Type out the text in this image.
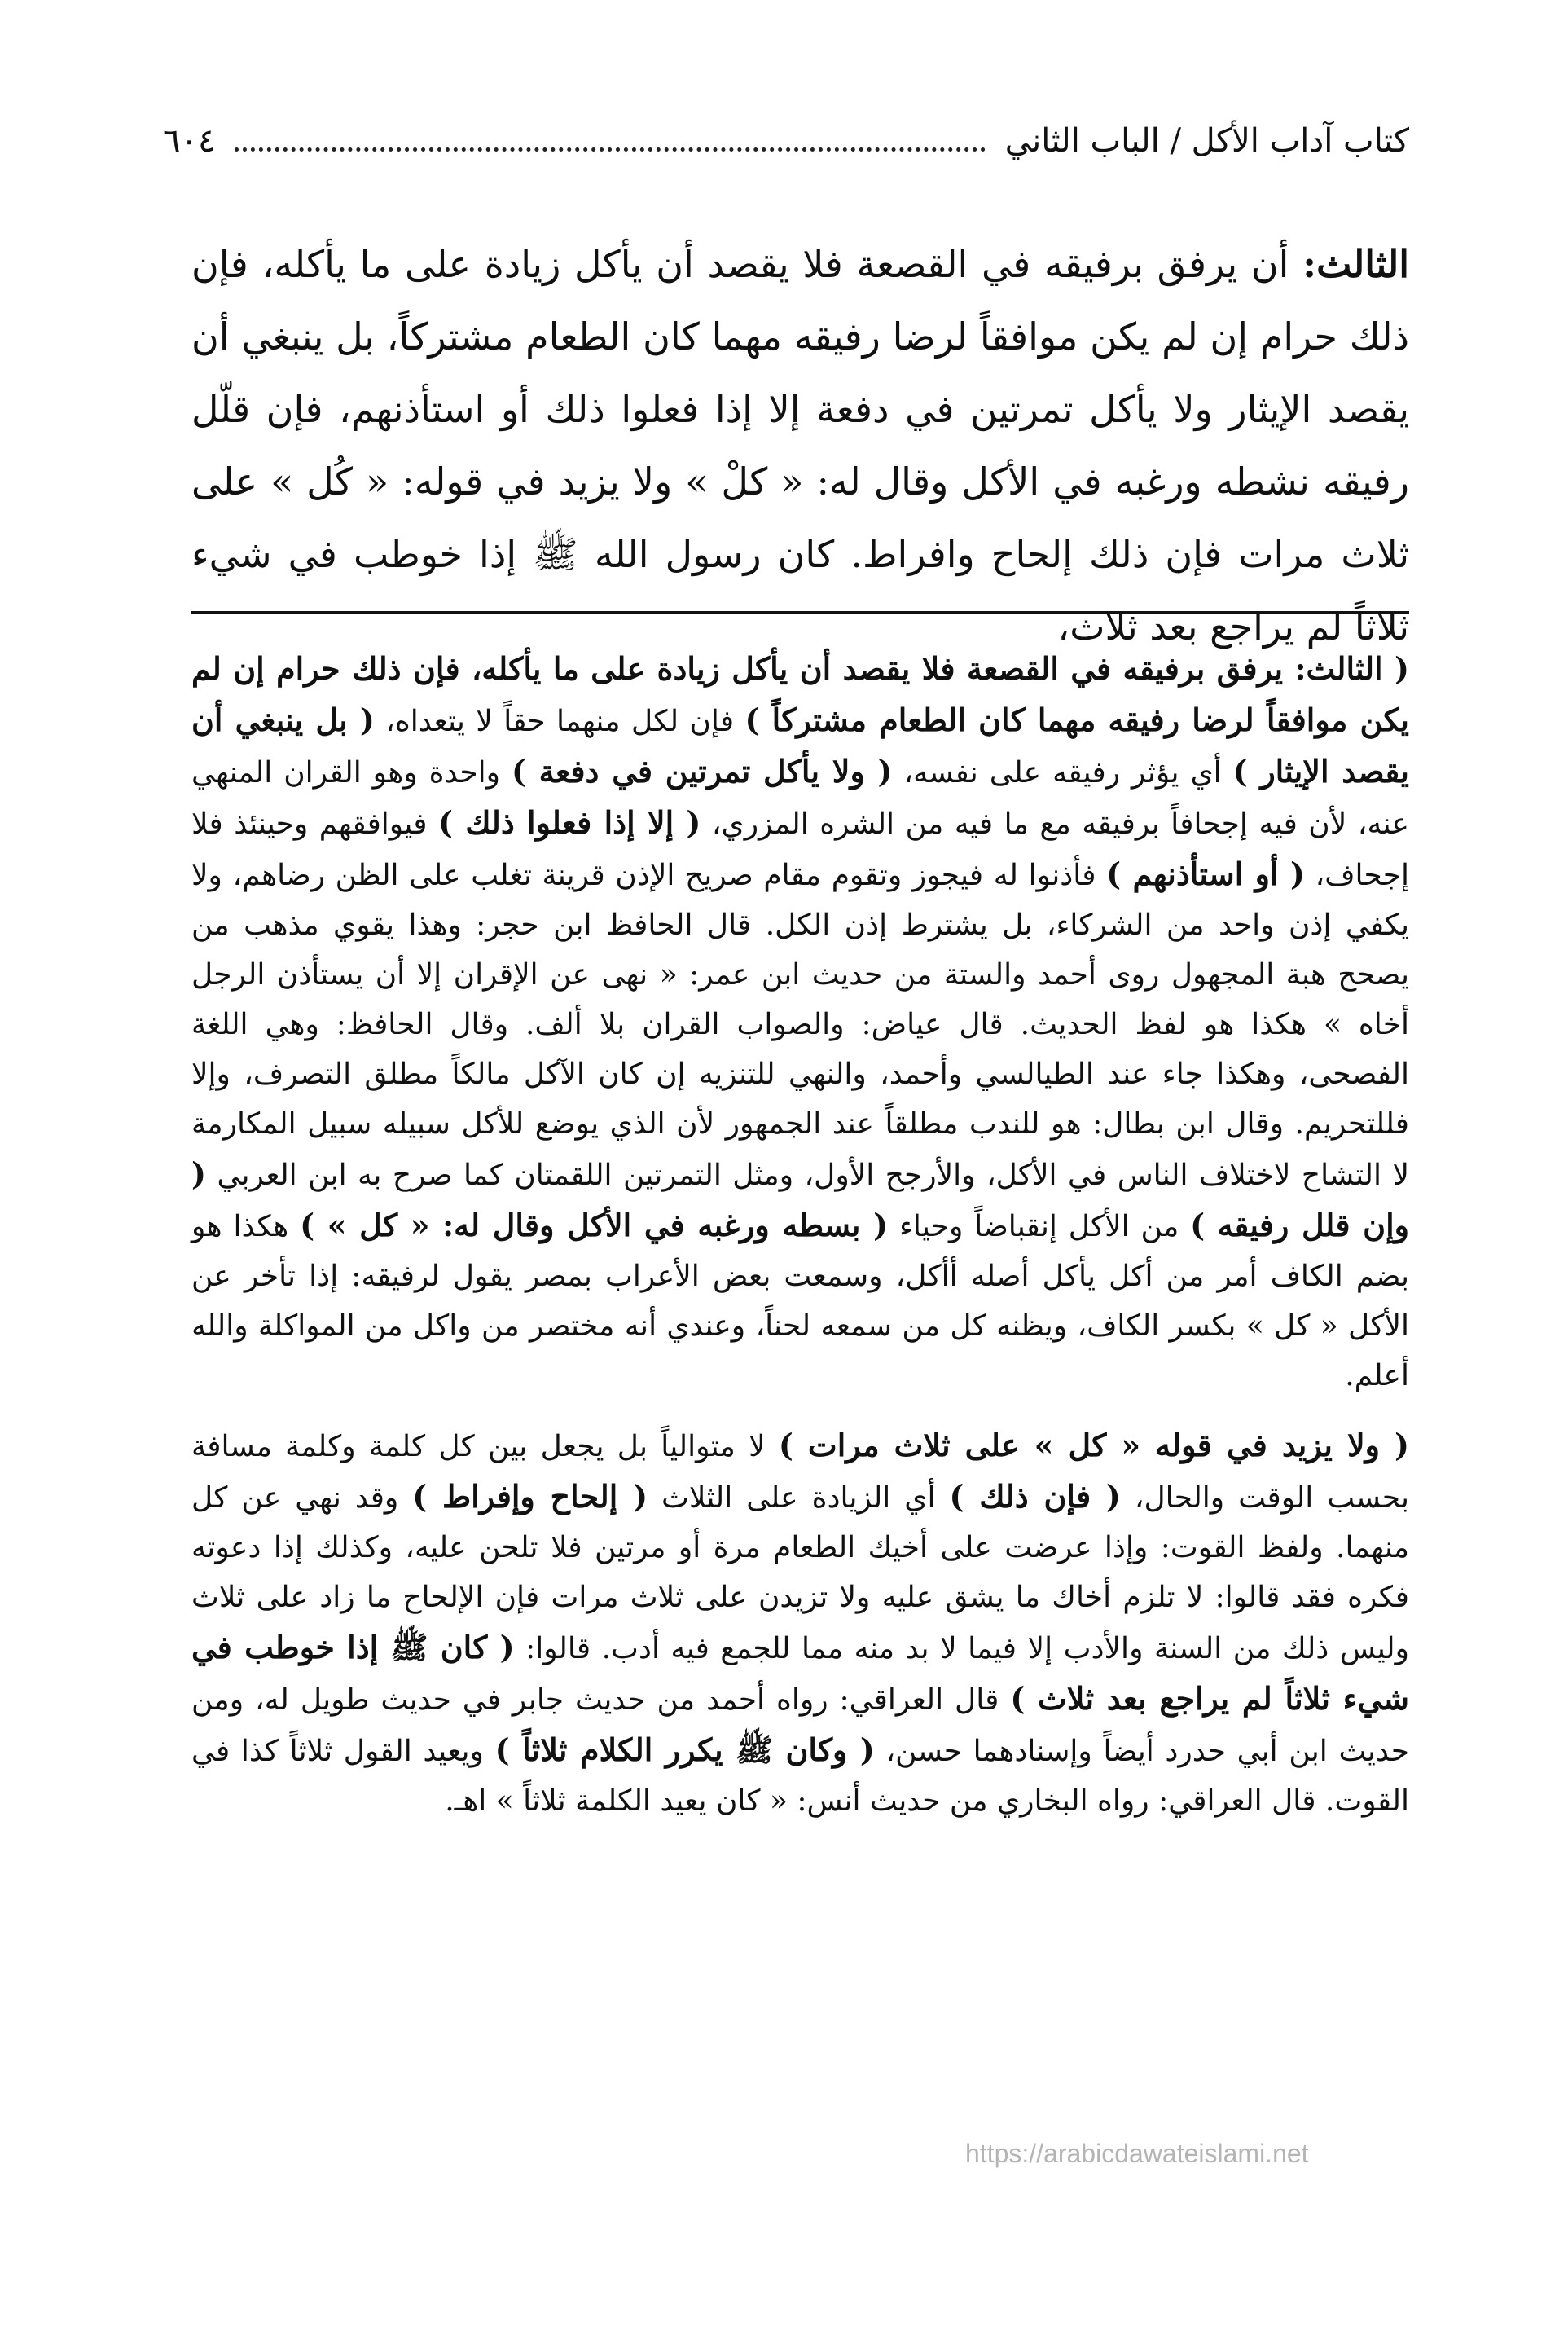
كتاب آداب الأكل / الباب الثاني
٦٠٤
الثالث: أن يرفق برفيقه في القصعة فلا يقصد أن يأكل زيادة على ما يأكله، فإن ذلك حرام إن لم يكن موافقاً لرضا رفيقه مهما كان الطعام مشتركاً، بل ينبغي أن يقصد الإيثار ولا يأكل تمرتين في دفعة إلا إذا فعلوا ذلك أو استأذنهم، فإن قلّل رفيقه نشطه ورغبه في الأكل وقال له: « كلْ » ولا يزيد في قوله: « كُل » على ثلاث مرات فإن ذلك إلحاح وافراط. كان رسول الله ﷺ إذا خوطب في شيء ثلاثاً لم يراجع بعد ثلاث،

( الثالث: يرفق برفيقه في القصعة فلا يقصد أن يأكل زيادة على ما يأكله، فإن ذلك حرام إن لم يكن موافقاً لرضا رفيقه مهما كان الطعام مشتركاً ) فإن لكل منهما حقاً لا يتعداه، ( بل ينبغي أن يقصد الإيثار ) أي يؤثر رفيقه على نفسه، ( ولا يأكل تمرتين في دفعة ) واحدة وهو القران المنهي عنه، لأن فيه إجحافاً برفيقه مع ما فيه من الشره المزري، ( إلا إذا فعلوا ذلك ) فيوافقهم وحينئذ فلا إجحاف، ( أو استأذنهم ) فأذنوا له فيجوز وتقوم مقام صريح الإذن قرينة تغلب على الظن رضاهم، ولا يكفي إذن واحد من الشركاء، بل يشترط إذن الكل. قال الحافظ ابن حجر: وهذا يقوي مذهب من يصحح هبة المجهول روى أحمد والستة من حديث ابن عمر: « نهى عن الإقران إلا أن يستأذن الرجل أخاه » هكذا هو لفظ الحديث. قال عياض: والصواب القران بلا ألف. وقال الحافظ: وهي اللغة الفصحى، وهكذا جاء عند الطيالسي وأحمد، والنهي للتنزيه إن كان الآكل مالكاً مطلق التصرف، وإلا فللتحريم. وقال ابن بطال: هو للندب مطلقاً عند الجمهور لأن الذي يوضع للأكل سبيله سبيل المكارمة لا التشاح لاختلاف الناس في الأكل، والأرجح الأول، ومثل التمرتين اللقمتان كما صرح به ابن العربي ( وإن قلل رفيقه ) من الأكل إنقباضاً وحياء ( بسطه ورغبه في الأكل وقال له: « كل » ) هكذا هو بضم الكاف أمر من أكل يأكل أصله أأكل، وسمعت بعض الأعراب بمصر يقول لرفيقه: إذا تأخر عن الأكل « كل » بكسر الكاف، ويظنه كل من سمعه لحناً، وعندي أنه مختصر من واكل من المواكلة والله أعلم.

( ولا يزيد في قوله « كل » على ثلاث مرات ) لا متوالياً بل يجعل بين كل كلمة وكلمة مسافة بحسب الوقت والحال، ( فإن ذلك ) أي الزيادة على الثلاث ( إلحاح وإفراط ) وقد نهي عن كل منهما. ولفظ القوت: وإذا عرضت على أخيك الطعام مرة أو مرتين فلا تلحن عليه، وكذلك إذا دعوته فكره فقد قالوا: لا تلزم أخاك ما يشق عليه ولا تزيدن على ثلاث مرات فإن الإلحاح ما زاد على ثلاث وليس ذلك من السنة والأدب إلا فيما لا بد منه مما للجمع فيه أدب. قالوا: ( كان ﷺ إذا خوطب في شيء ثلاثاً لم يراجع بعد ثلاث ) قال العراقي: رواه أحمد من حديث جابر في حديث طويل له، ومن حديث ابن أبي حدرد أيضاً وإسنادهما حسن، ( وكان ﷺ يكرر الكلام ثلاثاً ) ويعيد القول ثلاثاً كذا في القوت. قال العراقي: رواه البخاري من حديث أنس: « كان يعيد الكلمة ثلاثاً » اهـ.

https://arabicdawateislami.net
